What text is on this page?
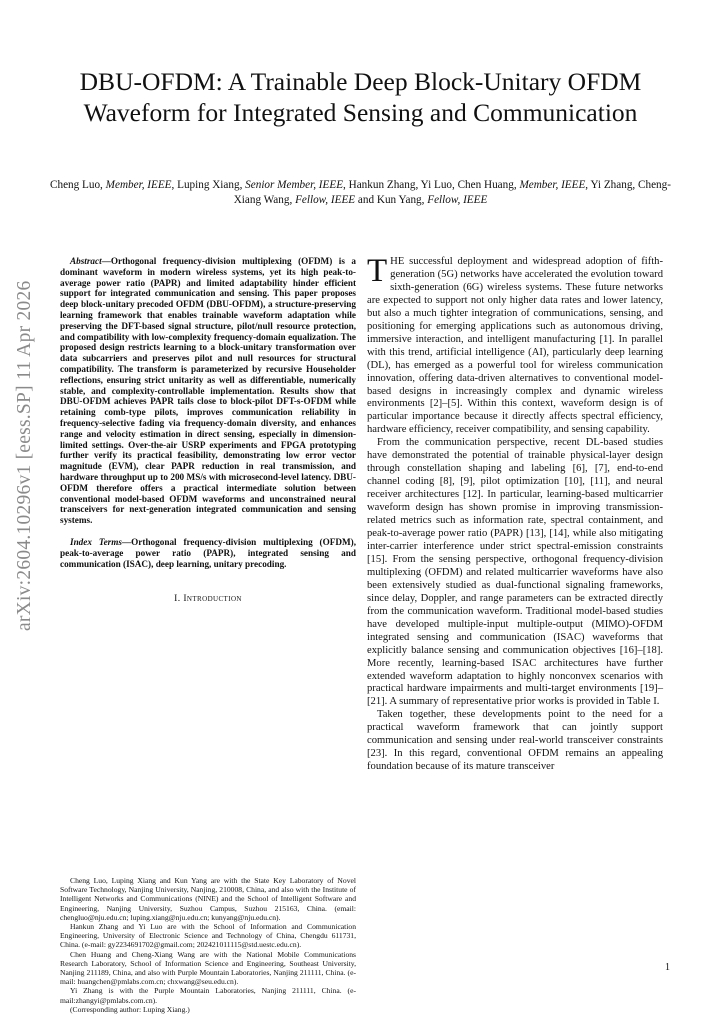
DBU-OFDM: A Trainable Deep Block-Unitary OFDM Waveform for Integrated Sensing and Communication
Cheng Luo, Member, IEEE, Luping Xiang, Senior Member, IEEE, Hankun Zhang, Yi Luo, Chen Huang, Member, IEEE, Yi Zhang, Cheng-Xiang Wang, Fellow, IEEE and Kun Yang, Fellow, IEEE
arXiv:2604.10296v1 [eess.SP] 11 Apr 2026

Abstract—Orthogonal frequency-division multiplexing (OFDM) is a dominant waveform in modern wireless systems, yet its high peak-to-average power ratio (PAPR) and limited adaptability hinder efficient support for integrated communication and sensing. This paper proposes deep block-unitary precoded OFDM (DBU-OFDM), a structure-preserving learning framework that enables trainable waveform adaptation while preserving the DFT-based signal structure, pilot/null resource protection, and compatibility with low-complexity frequency-domain equalization. The proposed design restricts learning to a block-unitary transformation over data subcarriers and preserves pilot and null resources for structural compatibility. The transform is parameterized by recursive Householder reflections, ensuring strict unitarity as well as differentiable, numerically stable, and complexity-controllable implementation. Results show that DBU-OFDM achieves PAPR tails close to block-pilot DFT-s-OFDM while retaining comb-type pilots, improves communication reliability in frequency-selective fading via frequency-domain diversity, and enhances range and velocity estimation in direct sensing, especially in dimension-limited settings. Over-the-air USRP experiments and FPGA prototyping further verify its practical feasibility, demonstrating low error vector magnitude (EVM), clear PAPR reduction in real transmission, and hardware throughput up to 200 MS/s with microsecond-level latency. DBU-OFDM therefore offers a practical intermediate solution between conventional model-based OFDM waveforms and unconstrained neural transceivers for next-generation integrated communication and sensing systems.

Index Terms—Orthogonal frequency-division multiplexing (OFDM), peak-to-average power ratio (PAPR), integrated sensing and communication (ISAC), deep learning, unitary precoding.

I. Introduction

Cheng Luo, Luping Xiang and Kun Yang are with the State Key Laboratory of Novel Software Technology, Nanjing University, Nanjing, 210008, China, and also with the Institute of Intelligent Networks and Communications (NINE) and the School of Intelligent Software and Engineering, Nanjing University, Suzhou Campus, Suzhou 215163, China. (email: chengluo@nju.edu.cn; luping.xiang@nju.edu.cn; kunyang@nju.edu.cn).

Hankun Zhang and Yi Luo are with the School of Information and Communication Engineering, University of Electronic Science and Technology of China, Chengdu 611731, China. (e-mail: gy2234691702@gmail.com; 202421011115@std.uestc.edu.cn).

Chen Huang and Cheng-Xiang Wang are with the National Mobile Communications Research Laboratory, School of Information Science and Engineering, Southeast University, Nanjing 211189, China, and also with Purple Mountain Laboratories, Nanjing 211111, China. (e-mail: huangchen@pmlabs.com.cn; chxwang@seu.edu.cn).

Yi Zhang is with the Purple Mountain Laboratories, Nanjing 211111, China. (e-mail:zhangyi@pmlabs.com.cn).

(Corresponding author: Luping Xiang.)

THE successful deployment and widespread adoption of fifth-generation (5G) networks have accelerated the evolution toward sixth-generation (6G) wireless systems. These future networks are expected to support not only higher data rates and lower latency, but also a much tighter integration of communications, sensing, and positioning for emerging applications such as autonomous driving, immersive interaction, and intelligent manufacturing [1]. In parallel with this trend, artificial intelligence (AI), particularly deep learning (DL), has emerged as a powerful tool for wireless communication innovation, offering data-driven alternatives to conventional model-based designs in increasingly complex and dynamic wireless environments [2]–[5]. Within this context, waveform design is of particular importance because it directly affects spectral efficiency, hardware efficiency, receiver compatibility, and sensing capability.

From the communication perspective, recent DL-based studies have demonstrated the potential of trainable physical-layer design through constellation shaping and labeling [6], [7], end-to-end channel coding [8], [9], pilot optimization [10], [11], and neural receiver architectures [12]. In particular, learning-based multicarrier waveform design has shown promise in improving transmission-related metrics such as information rate, spectral containment, and peak-to-average power ratio (PAPR) [13], [14], while also mitigating inter-carrier interference under strict spectral-emission constraints [15]. From the sensing perspective, orthogonal frequency-division multiplexing (OFDM) and related multicarrier waveforms have also been extensively studied as dual-functional signaling frameworks, since delay, Doppler, and range parameters can be extracted directly from the communication waveform. Traditional model-based studies have developed multiple-input multiple-output (MIMO)-OFDM integrated sensing and communication (ISAC) waveforms that explicitly balance sensing and communication objectives [16]–[18]. More recently, learning-based ISAC architectures have further extended waveform adaptation to highly nonconvex scenarios with practical hardware impairments and multi-target environments [19]–[21]. A summary of representative prior works is provided in Table I.

Taken together, these developments point to the need for a practical waveform framework that can jointly support communication and sensing under real-world transceiver constraints [23]. In this regard, conventional OFDM remains an appealing foundation because of its mature transceiver

1
